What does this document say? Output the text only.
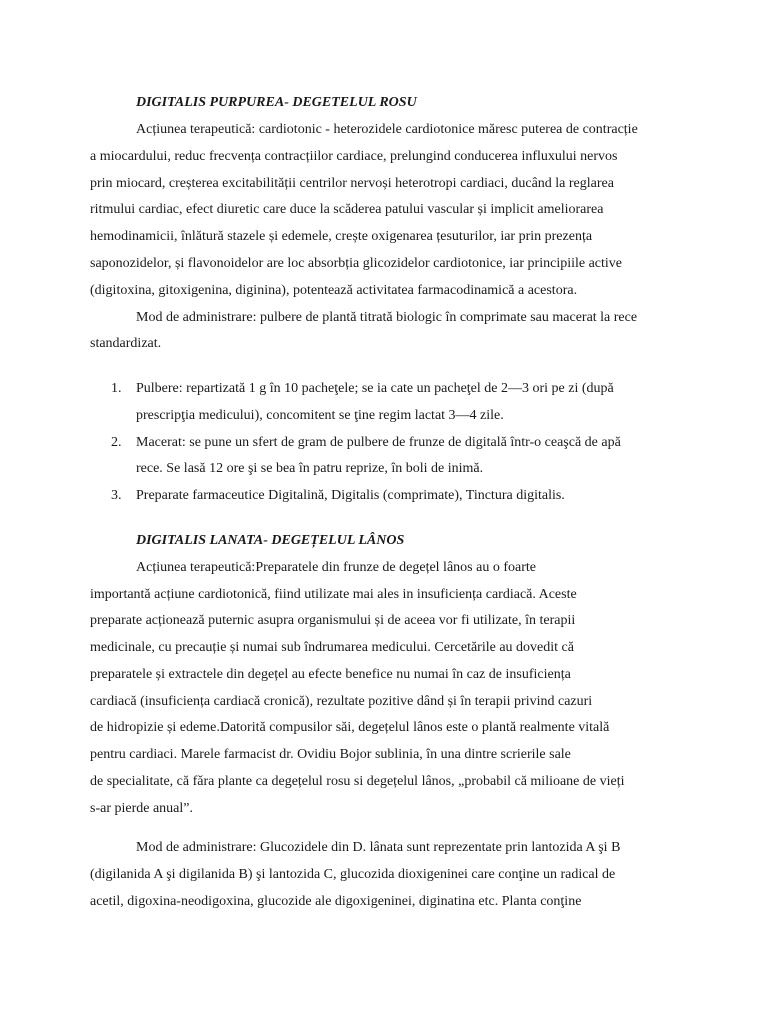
DIGITALIS PURPUREA- DEGETELUL ROSU
Acțiunea terapeutică: cardiotonic - heterozidele cardiotonice măresc puterea de contracție
a miocardului, reduc frecvența contracțiilor cardiace, prelungind conducerea influxului nervos
prin miocard, creșterea excitabilității centrilor nervoși heterotropi cardiaci, ducând la reglarea
ritmului cardiac, efect diuretic care duce la scăderea patului vascular și implicit ameliorarea
hemodinamicii, înlătură stazele și edemele, crește oxigenarea țesuturilor, iar prin prezența
saponozidelor, și flavonoidelor are loc absorbția glicozidelor cardiotonice, iar principiile active
(digitoxina, gitoxigenina, diginina), potentează activitatea farmacodinamică a acestora.
Mod de administrare: pulbere de plantă titrată biologic în comprimate sau macerat la rece
standardizat.
1. Pulbere: repartizată 1 g în 10 pacheţele; se ia cate un pacheţel de 2—3 ori pe zi (după
prescripţia medicului), concomitent se ţine regim lactat 3—4 zile.
2. Macerat: se pune un sfert de gram de pulbere de frunze de digitală într-o ceaşcă de apă
rece. Se lasă 12 ore şi se bea în patru reprize, în boli de inimă.
3. Preparate farmaceutice Digitalină, Digitalis (comprimate), Tinctura digitalis.
DIGITALIS LANATA- DEGEȚELUL LÂNOS
Acțiunea terapeutică:Preparatele din frunze de degețel lânos au o foarte
importantă acțiune cardiotonică, fiind utilizate mai ales in insuficiența cardiacă. Aceste
preparate acționează puternic asupra organismului și de aceea vor fi utilizate, în terapii
medicinale, cu precauție și numai sub îndrumarea medicului. Cercetările au dovedit că
preparatele și extractele din degețel au efecte benefice nu numai în caz de insuficiența
cardiacă (insuficiența cardiacă cronică), rezultate pozitive dând și în terapii privind cazuri
de hidropizie și edeme.Datorită compusilor săi, degețelul lânos este o plantă realmente vitală
pentru cardiaci. Marele farmacist dr. Ovidiu Bojor sublinia, în una dintre scrierile sale
de specialitate, că fǎra plante ca degețelul rosu si degețelul lânos, „probabil că milioane de vieți
s-ar pierde anual”.
Mod de administrare: Glucozidele din D. lânata sunt reprezentate prin lantozida A şi B
(digilanida A şi digilanida B) şi lantozida C, glucozida dioxigeninei care conţine un radical de
acetil, digoxina-neodigoxina, glucozide ale digoxigeninei, diginatina etc. Planta conţine
